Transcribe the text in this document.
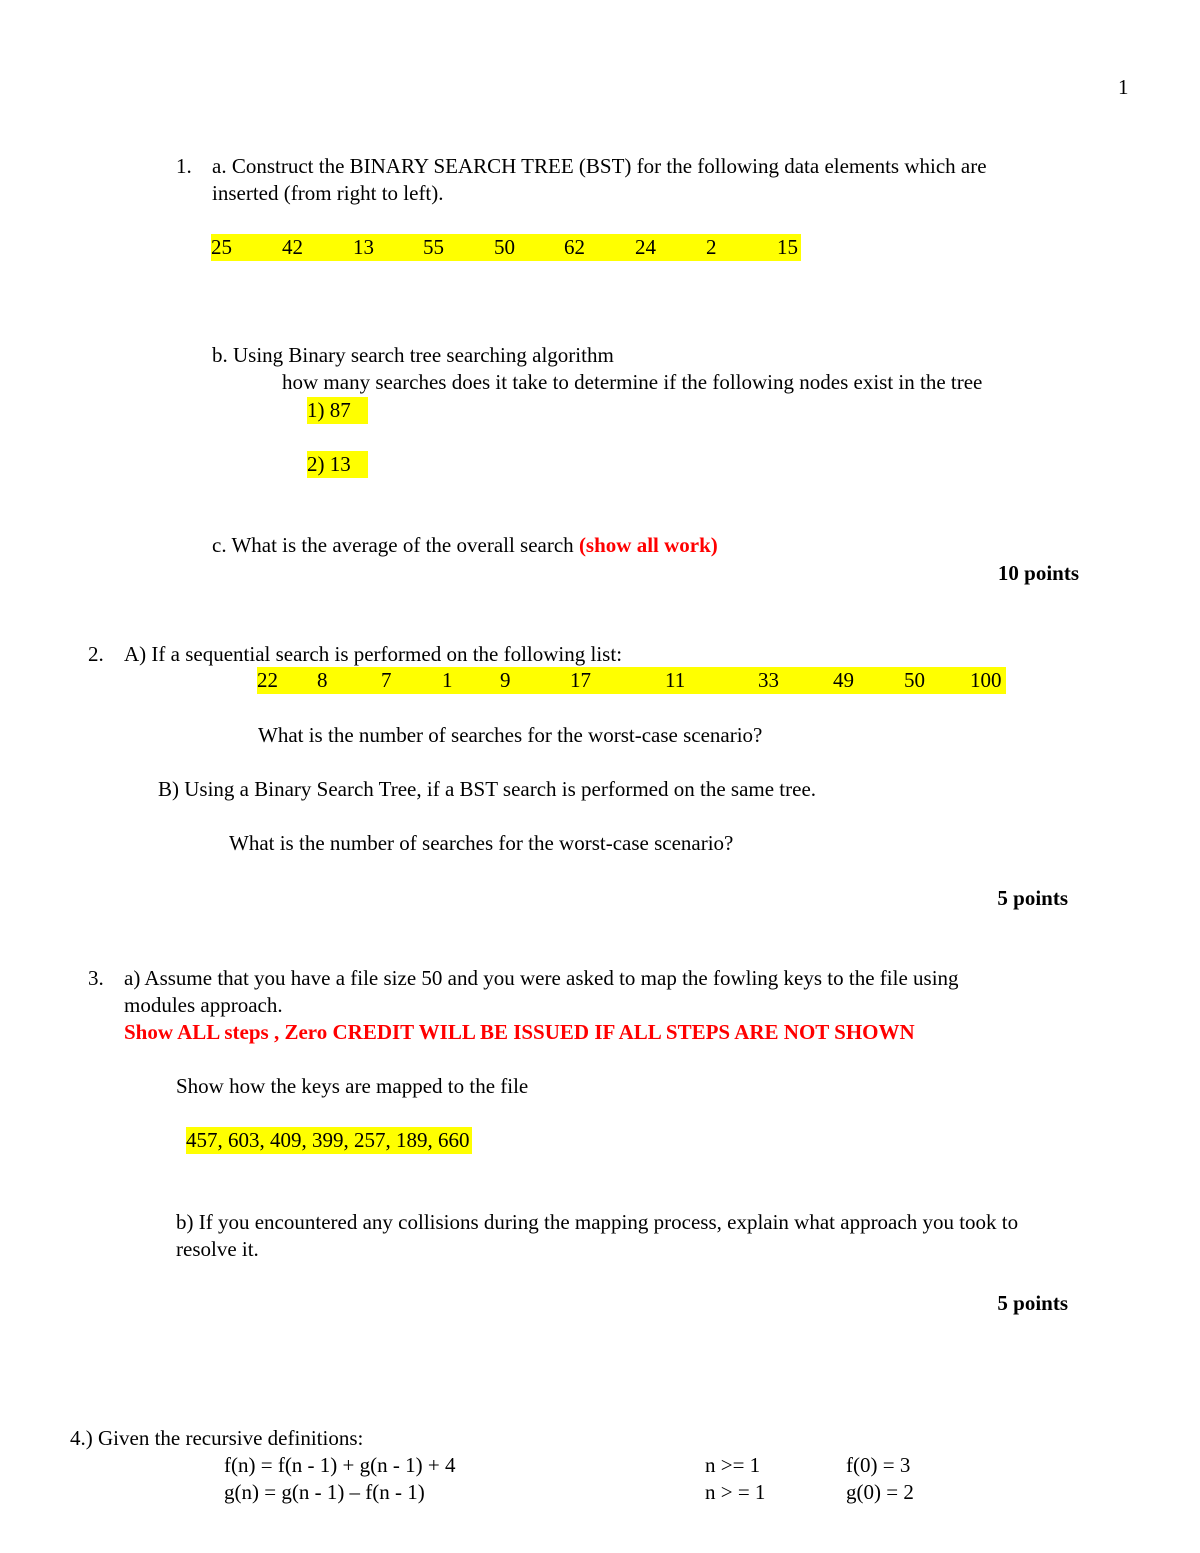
1
1. a. Construct the BINARY SEARCH TREE (BST) for the following data elements which are
inserted (from right to left).
25 42 13 55 50 62 24 2	15
b. Using Binary search tree searching algorithm
how many searches does it take to determine if the following nodes exist in the tree
1) 87
2) 13
c. What is the average of the overall search (show all work)
10 points
2. A) If a sequential search is performed on the following list:
22 8	7 1 9	17	11	33	49 50 100
What is the number of searches for the worst-case scenario?
B) Using a Binary Search Tree, if a BST search is performed on the same tree.
What is the number of searches for the worst-case scenario?
5 points
3. a) Assume that you have a file size 50 and you were asked to map the fowling keys to the file using
modules approach.
Show ALL steps , Zero CREDIT WILL BE ISSUED IF ALL STEPS ARE NOT SHOWN
Show how the keys are mapped to the file
457, 603, 409, 399, 257, 189, 660
b) If you encountered any collisions during the mapping process, explain what approach you took to
resolve it.
5 points
4.) Given the recursive definitions:
f(n) = f(n - 1) + g(n - 1) + 4	n >= 1	f(0) = 3
g(n) = g(n - 1) – f(n - 1)	n > = 1	g(0) = 2
